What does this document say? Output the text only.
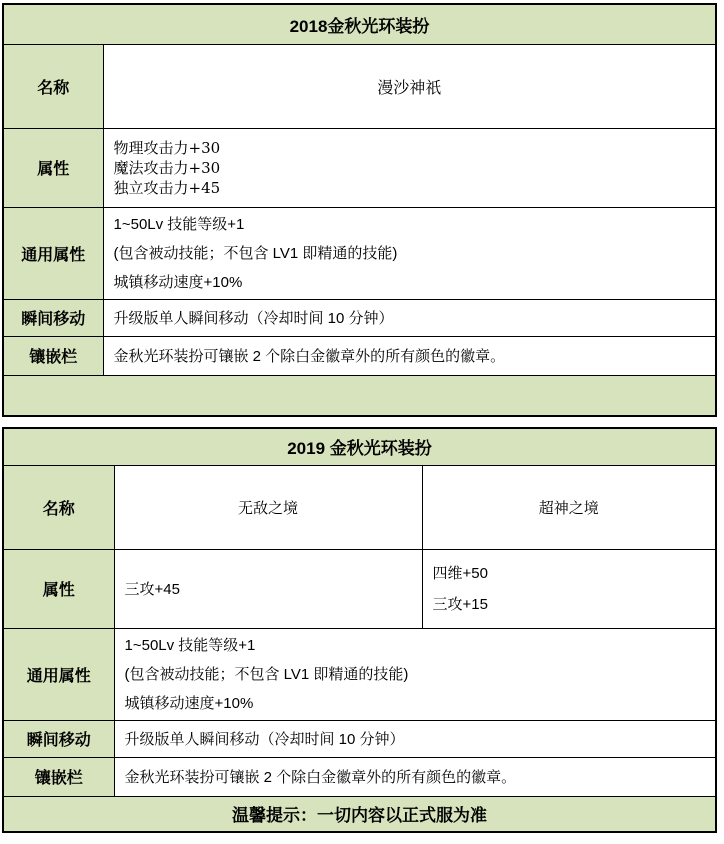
2018金秋光环装扮	
名称	漫沙神祇
属性	物理攻击力+30
魔法攻击力+30
独立攻击力+45

通用属性	1~50Lv 技能等级+1
(包含被动技能；不包含 LV1 即精通的技能)
城镇移动速度+10%

瞬间移动	升级版单人瞬间移动（冷却时间 10 分钟）
镶嵌栏	金秋光环装扮可镶嵌 2 个除白金徽章外的所有颜色的徽章。

2019 金秋光环装扮		
名称	无敌之境	超神之境
属性	三攻+45	四维+50
三攻+15

通用属性	1~50Lv 技能等级+1
(包含被动技能；不包含 LV1 即精通的技能)
城镇移动速度+10%	

瞬间移动	升级版单人瞬间移动（冷却时间 10 分钟）	
镶嵌栏	金秋光环装扮可镶嵌 2 个除白金徽章外的所有颜色的徽章。	
温馨提示：一切内容以正式服为准		
